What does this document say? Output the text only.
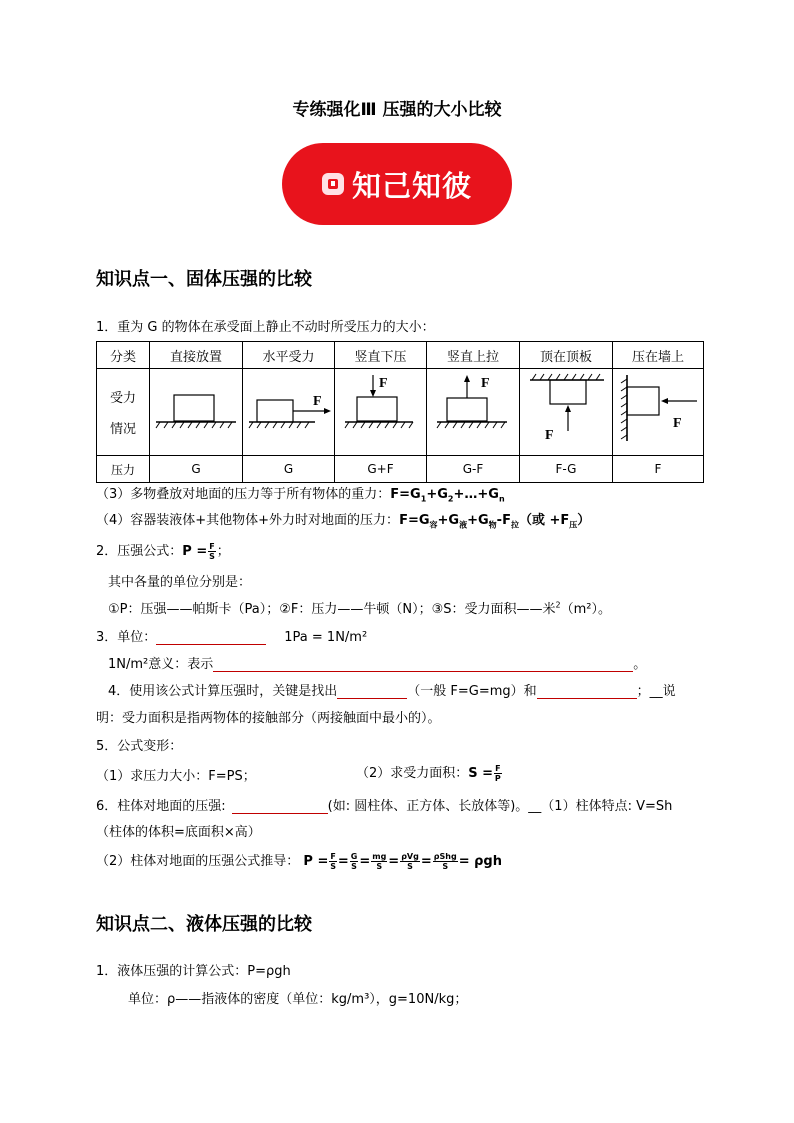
专练强化Ⅲ 压强的大小比较
知己知彼
知识点一、固体压强的比较
1．重为 G 的物体在承受面上静止不动时所受压力的大小：
分类	直接放置	水平受力	竖直下压	竖直上拉	顶在顶板	压在墙上

受力
情况		F	F	F	F	F

压力	G	G	G+F	G-F	F-G	F
（3）多物叠放对地面的压力等于所有物体的重力：$F=G_1+G_2+\dots+G_n$
（4）容器装液体+其他物体+外力时对地面的压力：$F=G_容+G_液+G_物-F_拉$（或 $+F_压$）
2．压强公式：$P = \frac{F}{S}$ ；
其中各量的单位分别是：
①P：压强——帕斯卡（Pa）；②F：压力——牛顿（N）；③S：受力面积——米$^2$（m²）。
3．单位：	1Pa = 1N/m²
1N/m²意义：表示	。
4．使用该公式计算压强时，关键是找出	（一般 F=G=mg）和	；__说
明：受力面积是指两物体的接触部分（两接触面中最小的）。
5．公式变形：
（1）求压力大小：F=PS；	（2）求受力面积：$S = \frac{F}{P}$
6．柱体对地面的压强:	(如: 圆柱体、正方体、长放体等)。__（1）柱体特点: V=Sh
（柱体的体积=底面积×高）
（2）柱体对地面的压强公式推导： $P = \frac{F}{S} = \frac{G}{S} = \frac{mg}{S} = \frac{\text{ρVg}}{S} = \frac{\text{ρShg}}{S} = \rho gh$
知识点二、液体压强的比较
1．液体压强的计算公式：P=ρgh
单位：ρ——指液体的密度（单位：kg/m³），g=10N/kg；
